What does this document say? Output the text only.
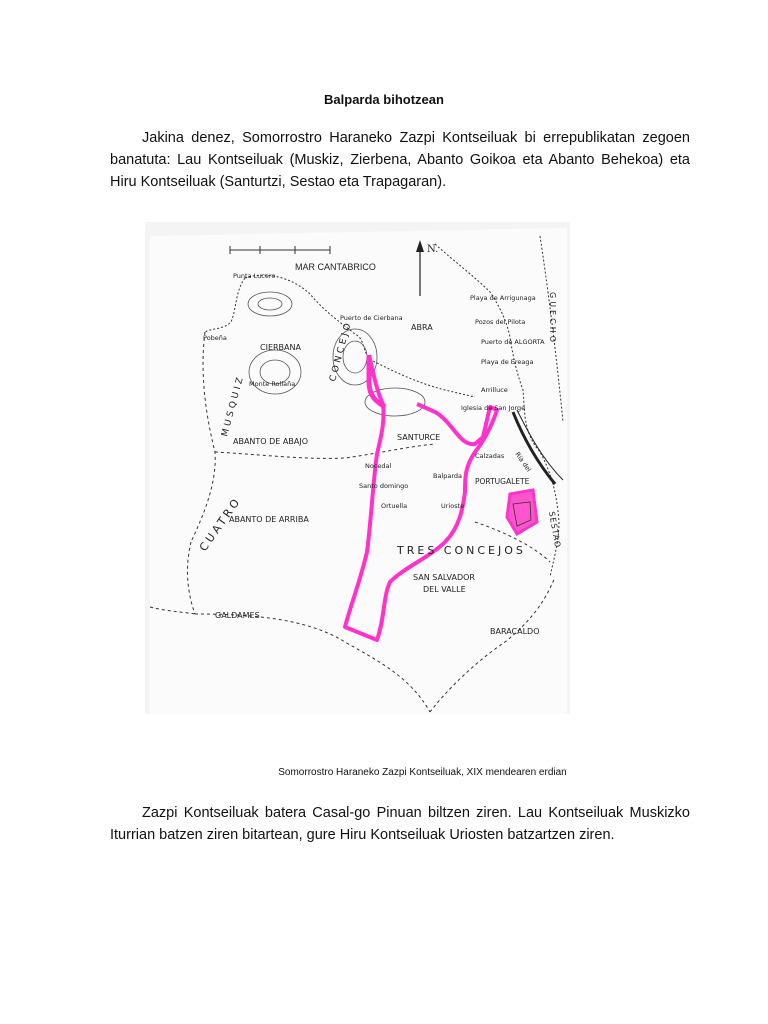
Balparda bihotzean
Jakina denez, Somorrostro Haraneko Zazpi Kontseiluak bi errepublikatan zegoen banatuta: Lau Kontseiluak (Muskiz, Zierbena, Abanto Goikoa eta Abanto Behekoa) eta Hiru Kontseiluak (Santurtzi, Sestao eta Trapagaran).
N.
MAR CANTABRICO
Punta Lucero
ABRA
Playa de Arrigunaga
Pobeña
Puerto de Cierbana
CIERBANA
Pozos del Pilota
Puerto de ALGORTA
Playa de Ereaga
Arrilluce
Monte Rollaña
Iglesia de San Jorge
ABANTO DE ABAJO	SANTURCE
Nocedal
Calzadas
Balparda
PORTUGALETE
Santo domingo
Ortuella	Urioste
ABANTO DE ARRIBA
SAN SALVADOR
DEL VALLE
GALDAMES
BARACALDO
Ría del
TRES CONCEJOS
CUATRO
MUSQUIZ
CONCEJO
GUECHO
SESTAO
Somorrostro Haraneko Zazpi Kontseiluak, XIX mendearen erdian
Zazpi Kontseiluak batera Casal-go Pinuan biltzen ziren. Lau Kontseiluak Muskizko Iturrian batzen ziren bitartean, gure Hiru Kontseiluak Uriosten batzartzen ziren.
